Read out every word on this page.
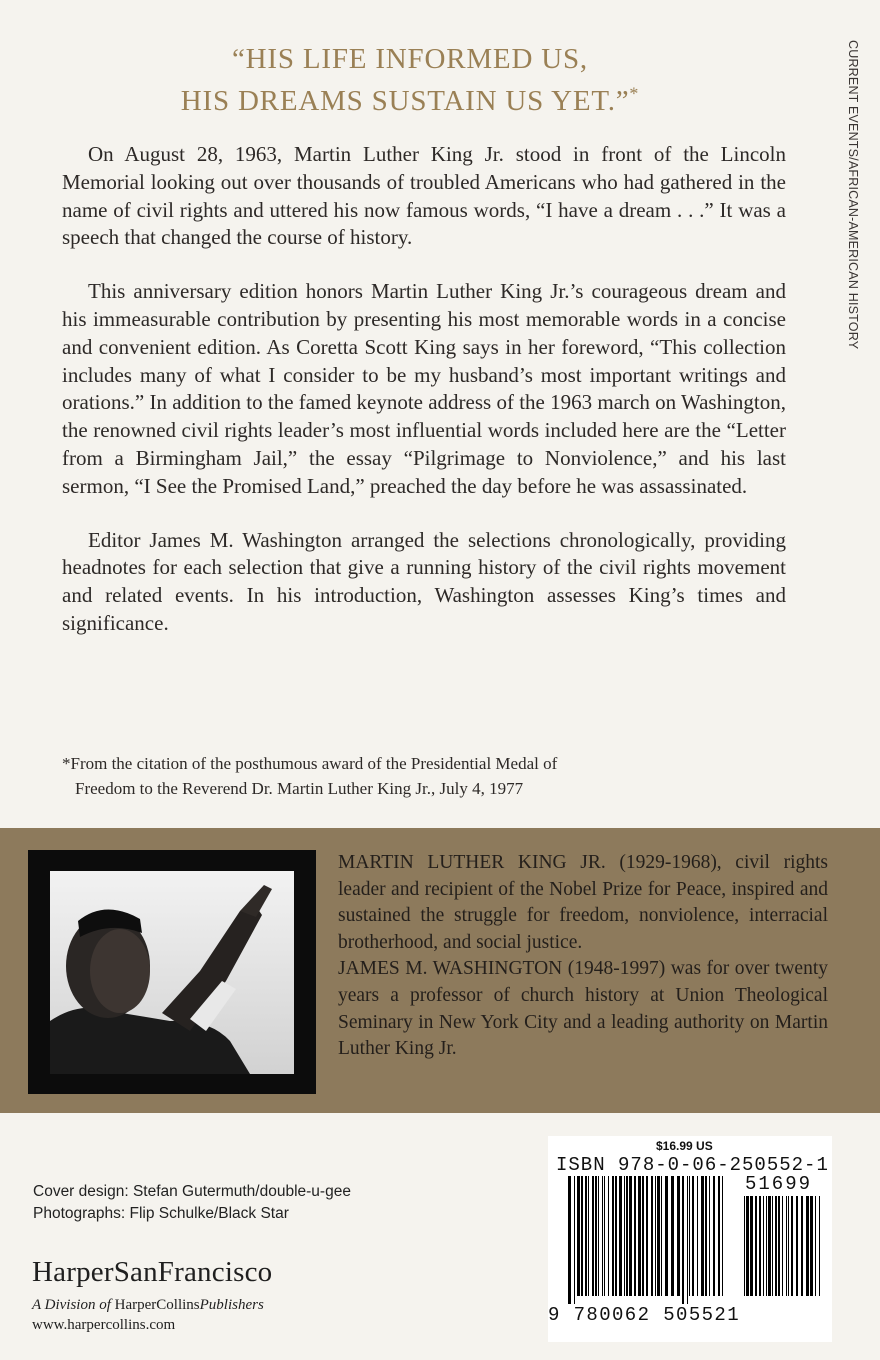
CURRENT EVENTS/AFRICAN-AMERICAN HISTORY
“HIS LIFE INFORMED US,
HIS DREAMS SUSTAIN US YET.”*

On August 28, 1963, Martin Luther King Jr. stood in front of the Lincoln Memorial looking out over thousands of troubled Americans who had gathered in the name of civil rights and uttered his now famous words, “I have a dream . . .” It was a speech that changed the course of history.

This anniversary edition honors Martin Luther King Jr.’s courageous dream and his immeasurable contribution by presenting his most memorable words in a concise and convenient edition. As Coretta Scott King says in her foreword, “This collection includes many of what I consider to be my husband’s most important writings and orations.” In addition to the famed keynote address of the 1963 march on Washington, the renowned civil rights leader’s most influential words included here are the “Letter from a Birmingham Jail,” the essay “Pilgrimage to Nonviolence,” and his last sermon, “I See the Promised Land,” preached the day before he was assassinated.

Editor James M. Washington arranged the selections chronologically, providing headnotes for each selection that give a running history of the civil rights movement and related events. In his introduction, Washington assesses King’s times and significance.

*From the citation of the posthumous award of the Presidential Medal of
Freedom to the Reverend Dr. Martin Luther King Jr., July 4, 1977

MARTIN LUTHER KING JR. (1929-1968), civil rights leader and recipient of the Nobel Prize for Peace, inspired and sustained the struggle for freedom, nonviolence, interracial brotherhood, and social justice.

JAMES M. WASHINGTON (1948-1997) was for over twenty years a professor of church history at Union Theological Seminary in New York City and a leading authority on Martin Luther King Jr.

Cover design: Stefan Gutermuth/double-u-gee
Photographs: Flip Schulke/Black Star
HarperSanFrancisco
A Division of HarperCollinsPublishers
www.harpercollins.com
$16.99 US
ISBN 978-0-06-250552-1
51699
9 780062 505521
